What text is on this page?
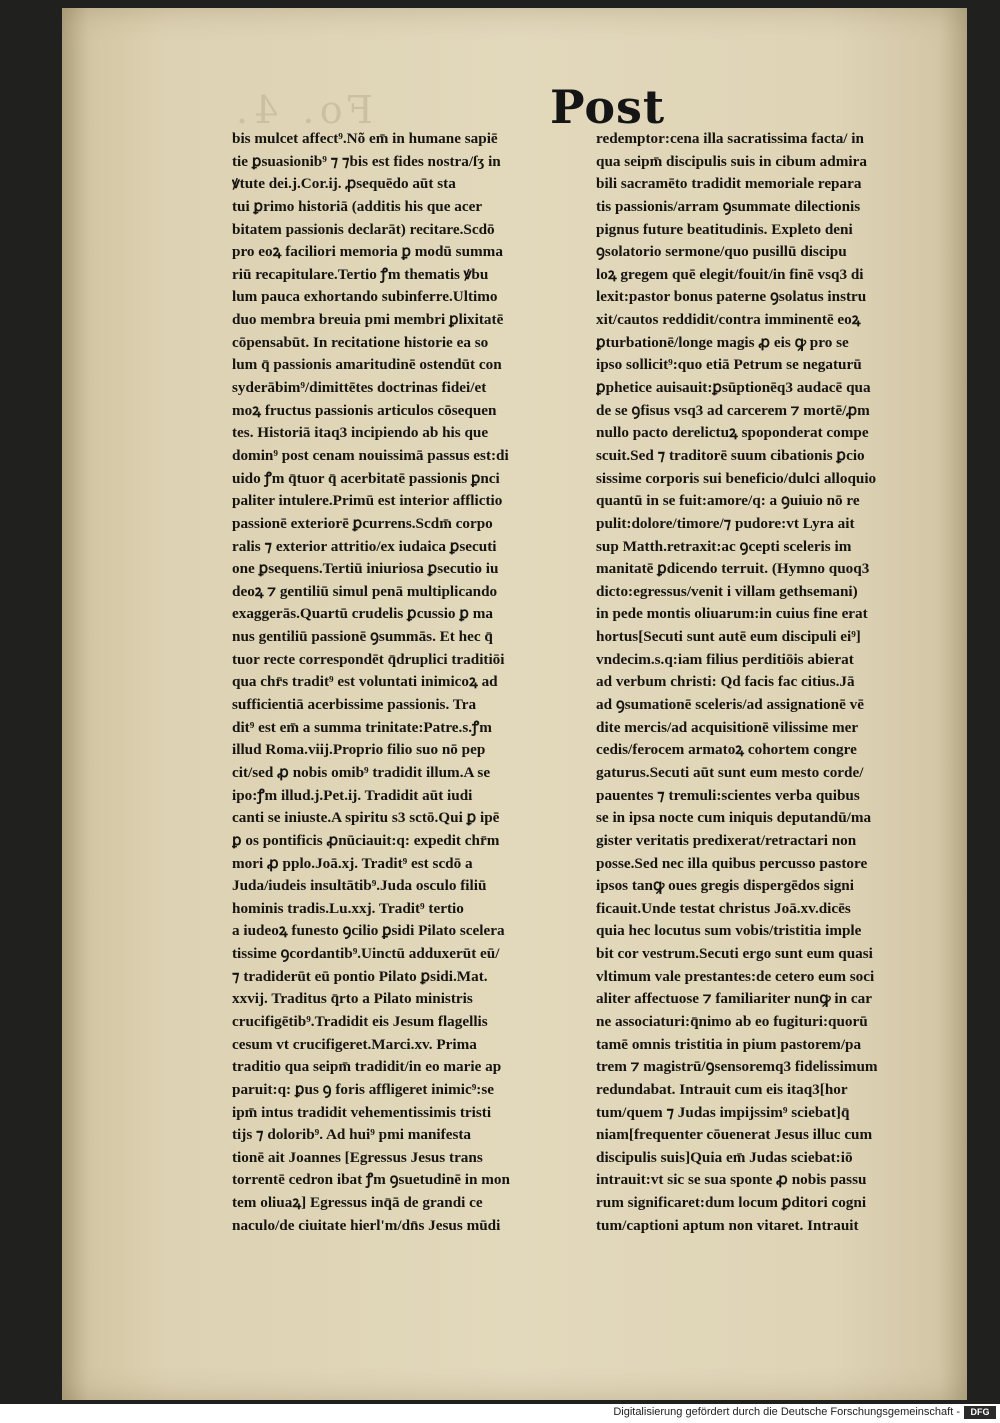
Fo. 4.	Post
bis mulcet affect⁹.Nõ em̄ in humane sapiē
tie ꝑsuasionib⁹ ⁊ ⁊bis est fides nostra/ſʒ in
ꝟtute dei.j.Cor.ij. ꝓsequēdo aūt sta
tui ꝑrimo historiā (additis his que acer
bitatem passionis declarāt) recitare.Scdō
pro eoꝝ faciliori memoria ꝑ modū summa
riū recapitulare.Tertio ꝭm thematis ꝟbu
lum pauca exhortando subinferre.Ultimo
duo membra breuia pmi membri ꝑlixitatē
cōpensabūt. In recitatione historie ea so
lum q̄ passionis amaritudinē ostendūt con
syderābim⁹/dimittētes doctrinas fidei/et
moꝝ fructus passionis articulos cōsequen
tes. Historiā itaq3 incipiendo ab his que
domin⁹ post cenam nouissimā passus est:di
uido ꝭm q̄tuor q̄ acerbitatē passionis ꝑnci
paliter intulere.Primū est interior afflictio
passionē exteriorē ꝑcurrens.Scdm̄ corpo
ralis ⁊ exterior attritio/ex iudaica ꝑsecuti
one ꝑsequens.Tertiū iniuriosa ꝑsecutio iu
deoꝝ ⁊ gentiliū simul penā multiplicando
exaggerās.Quartū crudelis ꝑcussio ꝑ ma
nus gentiliū passionē ꝯsummās. Et hec q̄
tuor recte correspondēt q̄druplici traditiōi
qua chr̄s tradit⁹ est voluntati inimicoꝝ ad
sufficientiā acerbissime passionis. Tra
dit⁹ est em̄ a summa trinitate:Patre.s.ꝭm
illud Roma.viij.Proprio filio suo nō pep
cit/sed ꝓ nobis omib⁹ tradidit illum.A se
ipo:ꝭm illud.j.Pet.ij. Tradidit aūt iudi
canti se iniuste.A spiritu s3 sctō.Qui ꝑ ipē
ꝑ os pontificis ꝓnūciauit:q: expedit chr̄m
mori ꝓ pplo.Joā.xj. Tradit⁹ est scdō a
Juda/iudeis insultātib⁹.Juda osculo filiū
hominis tradis.Lu.xxj. Tradit⁹ tertio
a iudeoꝝ funesto ꝯcilio ꝑsidi Pilato scelera
tissime ꝯcordantib⁹.Uinctū adduxerūt eū/
⁊ tradiderūt eū pontio Pilato ꝑsidi.Mat.
xxvij. Traditus q̄rto a Pilato ministris
crucifigētib⁹.Tradidit eis Jesum flagellis
cesum vt crucifigeret.Marci.xv. Prima
traditio qua seipm̄ tradidit/in eo marie ap
paruit:q: ꝑus ꝯ foris affligeret inimic⁹:se
ipm̄ intus tradidit vehementissimis tristi
tijs ⁊ dolorib⁹. Ad hui⁹ pmi manifesta
tionē ait Joannes [Egressus Jesus trans
torrentē cedron ibat ꝭm ꝯsuetudinē in mon
tem oliuaꝝ] Egressus inq̄ā de grandi ce
naculo/de ciuitate hierl'm/dn̄s Jesus mūdi
redemptor:cena illa sacratissima facta/ in
qua seipm̄ discipulis suis in cibum admira
bili sacramēto tradidit memoriale repara
tis passionis/arram ꝯsummate dilectionis
pignus future beatitudinis. Expleto deni
ꝯsolatorio sermone/quo pusillū discipu
loꝝ gregem quē elegit/fouit/in finē vsq3 di
lexit:pastor bonus paterne ꝯsolatus instru
xit/cautos reddidit/contra imminentē eoꝝ
ꝑturbationē/longe magis ꝓ eis ꝙ pro se
ipso sollicit⁹:quo etiā Petrum se negaturū
ꝑphetice auisauit:ꝑsūptionēq3 audacē qua
de se ꝯfisus vsq3 ad carcerem ⁊ mortē/ꝓm
nullo pacto derelictuꝝ spoponderat compe
scuit.Sed ⁊ traditorē suum cibationis ꝑcio
sissime corporis sui beneficio/dulci alloquio
quantū in se fuit:amore/q: a ꝯuiuio nō re
pulit:dolore/timore/⁊ pudore:vt Lyra ait
sup Matth.retraxit:ac ꝯcepti sceleris im
manitatē ꝑdicendo terruit. (Hymno quoq3
dicto:egressus/venit i villam gethsemani)
in pede montis oliuarum:in cuius fine erat
hortus[Secuti sunt autē eum discipuli ei⁹]
vndecim.s.q:iam filius perditiōis abierat
ad verbum christi: Qd facis fac citius.Jā
ad ꝯsumationē sceleris/ad assignationē vē
dite mercis/ad acquisitionē vilissime mer
cedis/ferocem armatoꝝ cohortem congre
gaturus.Secuti aūt sunt eum mesto corde/
pauentes ⁊ tremuli:scientes verba quibus
se in ipsa nocte cum iniquis deputandū/ma
gister veritatis predixerat/retractari non
posse.Sed nec illa quibus percusso pastore
ipsos tanꝙ oues gregis dispergēdos signi
ficauit.Unde testat christus Joā.xv.dicēs
quia hec locutus sum vobis/tristitia imple
bit cor vestrum.Secuti ergo sunt eum quasi
vltimum vale prestantes:de cetero eum soci
aliter affectuose ⁊ familiariter nunꝙ in car
ne associaturi:q̄nimo ab eo fugituri:quorū
tamē omnis tristitia in pium pastorem/pa
trem ⁊ magistrū/ꝯsensoremq3 fidelissimum
redundabat. Intrauit cum eis itaq3[hor
tum/quem ⁊ Judas impijssim⁹ sciebat]q̄
niam[frequenter cōuenerat Jesus illuc cum
discipulis suis]Quia em̄ Judas sciebat:iō
intrauit:vt sic se sua sponte ꝓ nobis passu
rum significaret:dum locum ꝑditori cogni
tum/captioni aptum non vitaret. Intrauit
Digitalisierung gefördert durch die Deutsche Forschungsgemeinschaft -	DFG
